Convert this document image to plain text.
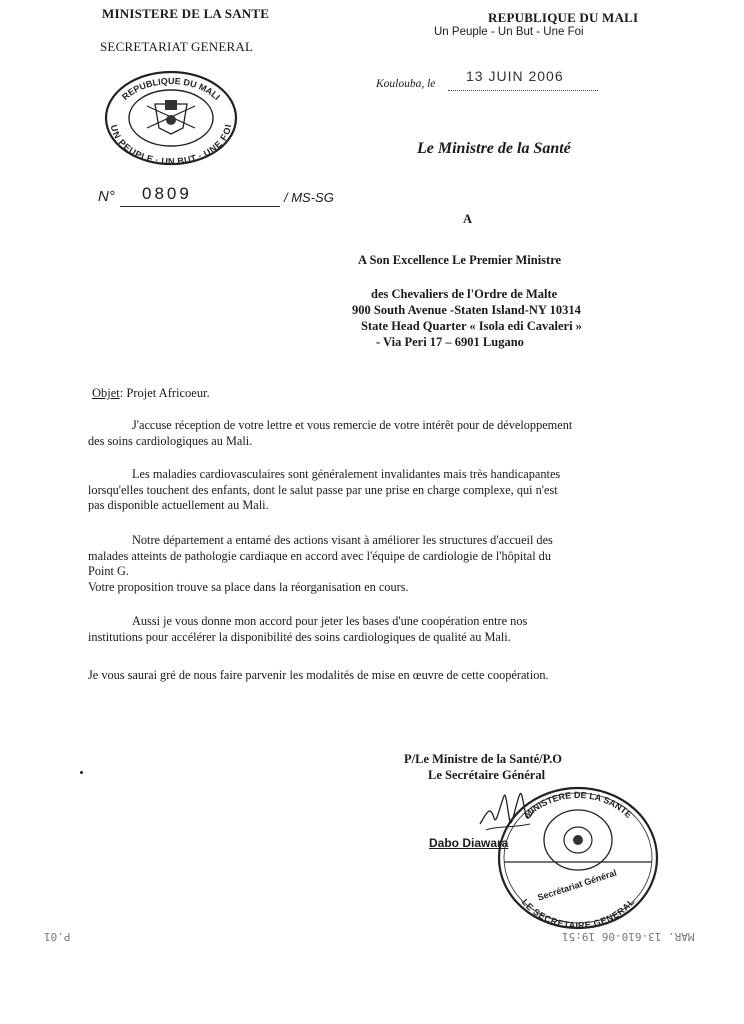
MINISTERE DE LA SANTE
SECRETARIAT GENERAL
REPUBLIQUE DU MALI
Un Peuple - Un But - Une Foi
REPUBLIQUE DU MALI
UN PEUPLE · UN BUT · UNE FOI
Koulouba, le 13 JUIN 2006
Le Ministre de la Santé
N° 0809	/ MS-SG
A
A Son Excellence Le Premier Ministre
des Chevaliers de l'Ordre de Malte
900 South Avenue -Staten Island-NY 10314
State Head Quarter « Isola edi Cavaleri »
- Via Peri 17 – 6901 Lugano
Objet: Projet Africoeur.
J'accuse réception de votre lettre et vous remercie de votre intérêt pour de développement
des soins cardiologiques au Mali.
Les maladies cardiovasculaires sont généralement invalidantes mais très handicapantes
lorsqu'elles touchent des enfants, dont le salut passe par une prise en charge complexe, qui n'est
pas disponible actuellement au Mali.
Notre département a entamé des actions visant à améliorer les structures d'accueil des
malades atteints de pathologie cardiaque en accord avec l'équipe de cardiologie de l'hôpital du
Point G.
Votre proposition trouve sa place dans la réorganisation en cours.
Aussi je vous donne mon accord pour jeter les bases d'une coopération entre nos
institutions pour accélérer la disponibilité des soins cardiologiques de qualité au Mali.
Je vous saurai gré de nous faire parvenir les modalités de mise en œuvre de cette coopération.
P/Le Ministre de la Santé/P.O
Le Secrétaire Général
Dabo Diawara
MINISTERE DE LA SANTE
LE SECRETAIRE GENERAL
Secrétariat Général
P.01	MAR. 13-610-06 19:51
